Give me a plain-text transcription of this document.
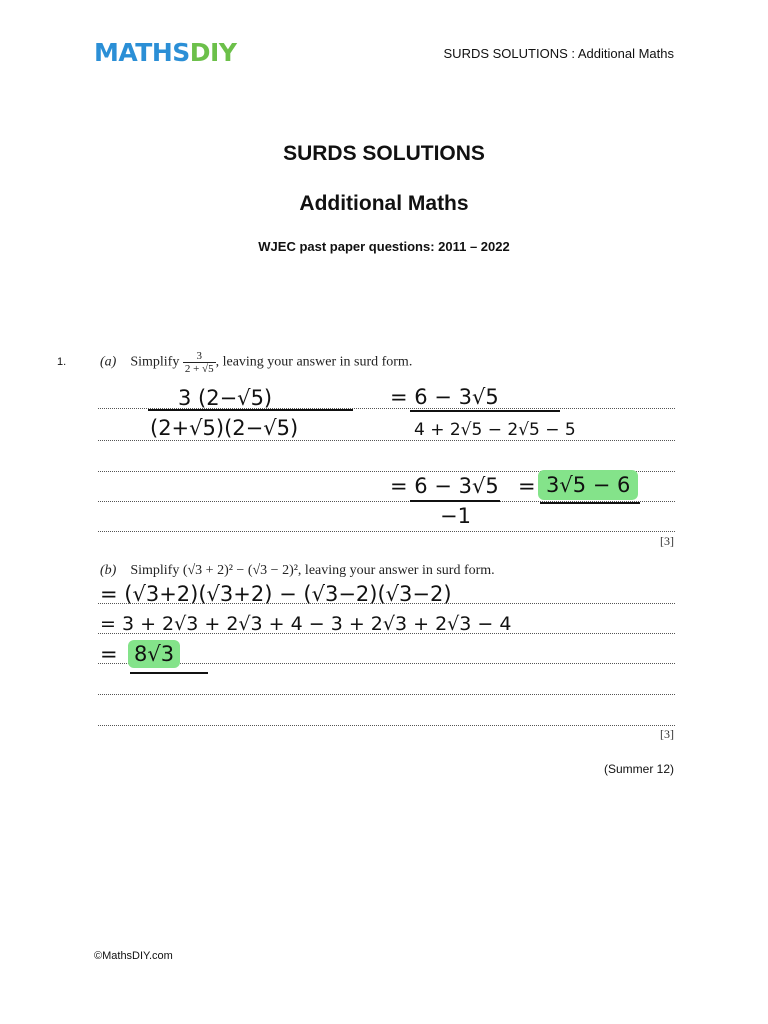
MATHSDIY	SURDS SOLUTIONS : Additional Maths
SURDS SOLUTIONS
Additional Maths
WJEC past paper questions: 2011 – 2022
1. (a) Simplify $\frac{3}{2 + √5}$ , leaving your answer in surd form.
3 (2−√5)
(2+√5)(2−√5)
= 6 − 3√5
4 + 2√5 − 2√5 − 5
= 6 − 3√5
−1
= 3√5 − 6
[3]
(b) Simplify (√3 + 2)² − (√3 − 2)², leaving your answer in surd form.
= (√3+2)(√3+2) − (√3−2)(√3−2)
= 3 + 2√3 + 2√3 + 4 − 3 + 2√3 + 2√3 − 4
= 8√3
[3]
(Summer 12)
©MathsDIY.com
